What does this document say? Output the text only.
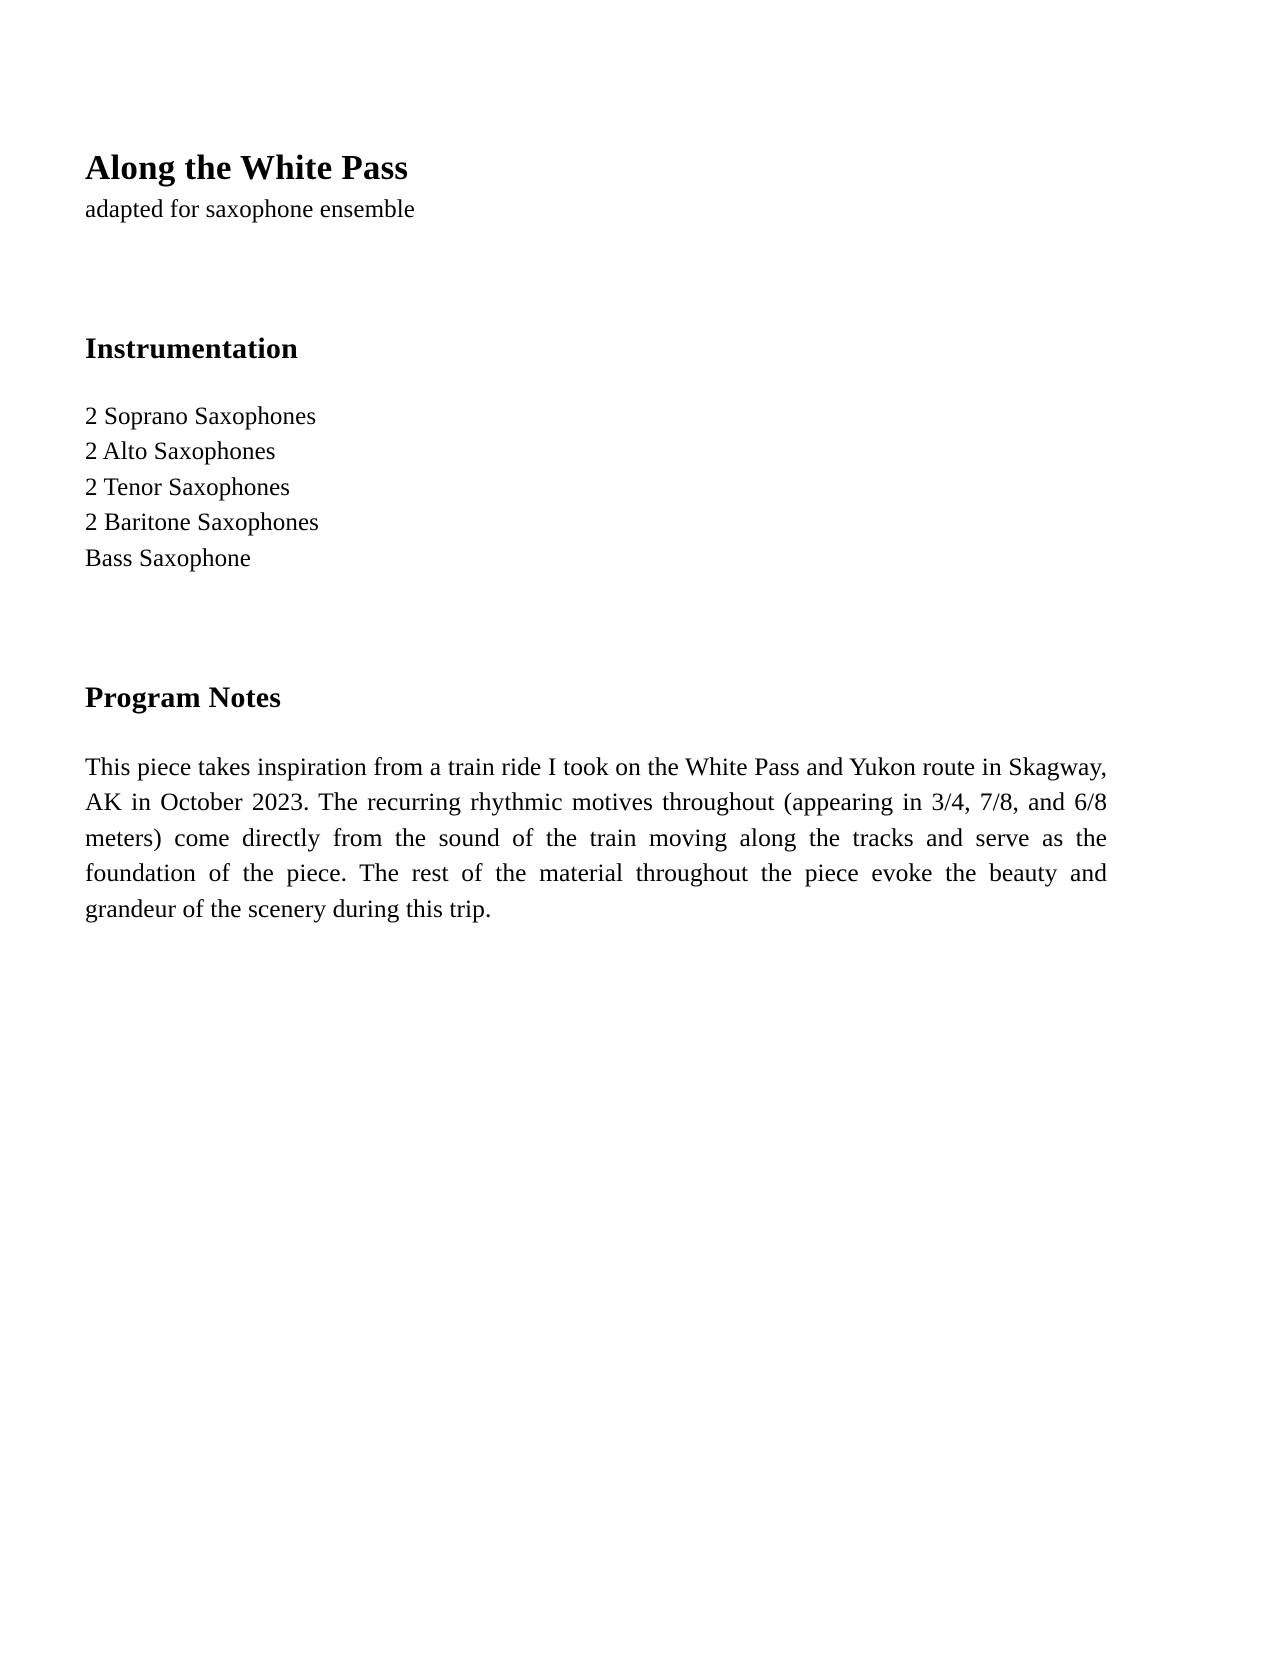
Along the White Pass

adapted for saxophone ensemble

Instrumentation
2 Soprano Saxophones
2 Alto Saxophones
2 Tenor Saxophones
2 Baritone Saxophones
Bass Saxophone
Program Notes

This piece takes inspiration from a train ride I took on the White Pass and Yukon route in Skagway, AK in October 2023. The recurring rhythmic motives throughout (appearing in 3/4, 7/8, and 6/8 meters) come directly from the sound of the train moving along the tracks and serve as the foundation of the piece. The rest of the material throughout the piece evoke the beauty and grandeur of the scenery during this trip.
